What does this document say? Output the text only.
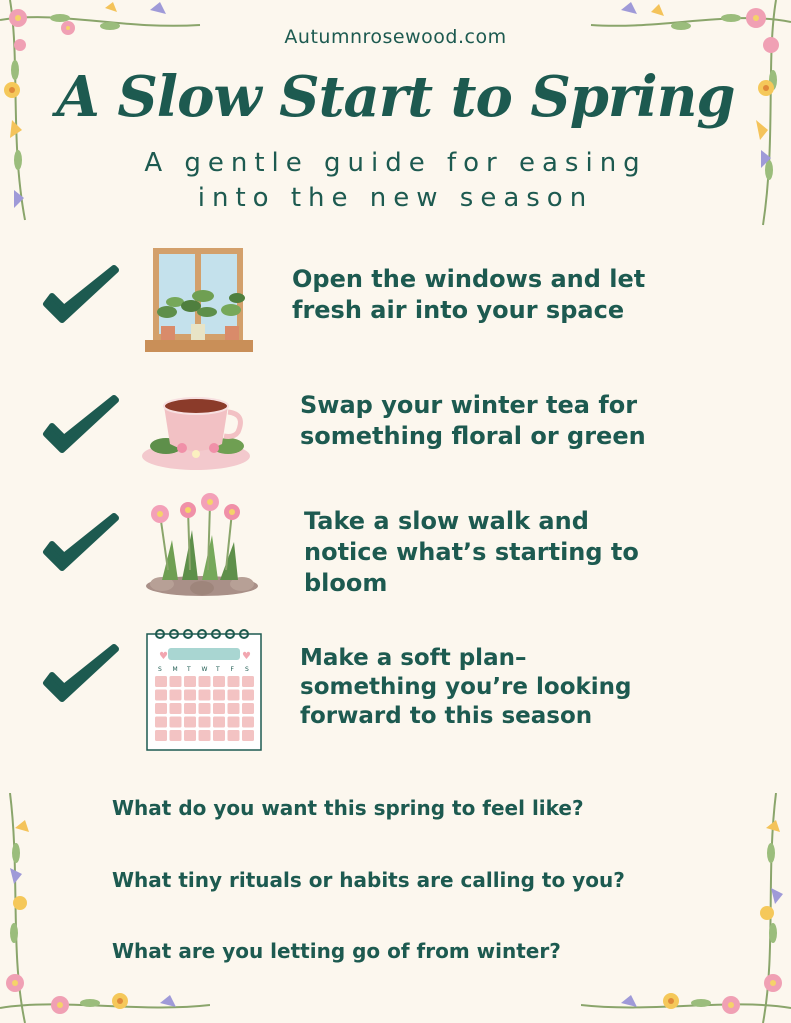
Autumnrosewood.com
A Slow Start to Spring
A gentle guide for easing
into the new season
Open the windows and let
fresh air into your space
Swap your winter tea for
something floral or green
Take a slow walk and
notice what’s starting to
bloom
♥	♥
S M T W T F S Make a soft plan–
something you’re looking
forward to this season
What do you want this spring to feel like?
What tiny rituals or habits are calling to you?
What are you letting go of from winter?
